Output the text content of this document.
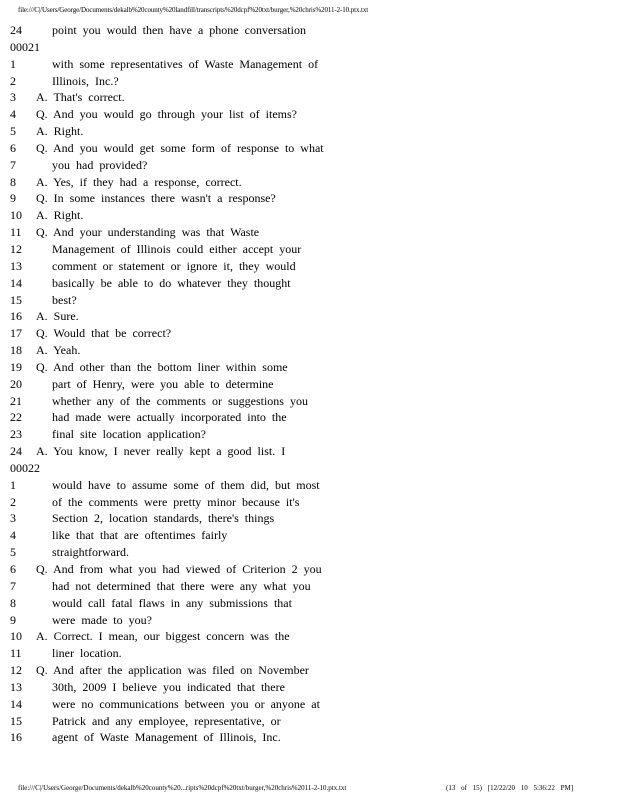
file:///C|/Users/George/Documents/dekalb%20county%20landfill/transcripts%20dcpf%20txt/burger,%20chris%2011-2-10.ptx.txt
24	point you would then have a phone conversation
00021
1	with some representatives of Waste Management of
2	Illinois, Inc.?
3	A. That's correct.
4	Q. And you would go through your list of items?
5	A. Right.
6	Q. And you would get some form of response to what
7	you had provided?
8	A. Yes, if they had a response, correct.
9	Q. In some instances there wasn't a response?
10	A. Right.
11	Q. And your understanding was that Waste
12	Management of Illinois could either accept your
13	comment or statement or ignore it, they would
14	basically be able to do whatever they thought
15	best?
16	A. Sure.
17	Q. Would that be correct?
18	A. Yeah.
19	Q. And other than the bottom liner within some
20	part of Henry, were you able to determine
21	whether any of the comments or suggestions you
22	had made were actually incorporated into the
23	final site location application?
24	A. You know, I never really kept a good list. I
00022
1	would have to assume some of them did, but most
2	of the comments were pretty minor because it's
3	Section 2, location standards, there's things
4	like that that are oftentimes fairly
5	straightforward.
6	Q. And from what you had viewed of Criterion 2 you
7	had not determined that there were any what you
8	would call fatal flaws in any submissions that
9	were made to you?
10	A. Correct. I mean, our biggest concern was the
11	liner location.
12	Q. And after the application was filed on November
13	30th, 2009 I believe you indicated that there
14	were no communications between you or anyone at
15	Patrick and any employee, representative, or
16	agent of Waste Management of Illinois, Inc.
file:///C|/Users/George/Documents/dekalb%20county%20...ripts%20dcpf%20txt/burger,%20chris%2011-2-10.ptx.txt	(13 of 15) [12/22/20 10 5:36:22 PM]
